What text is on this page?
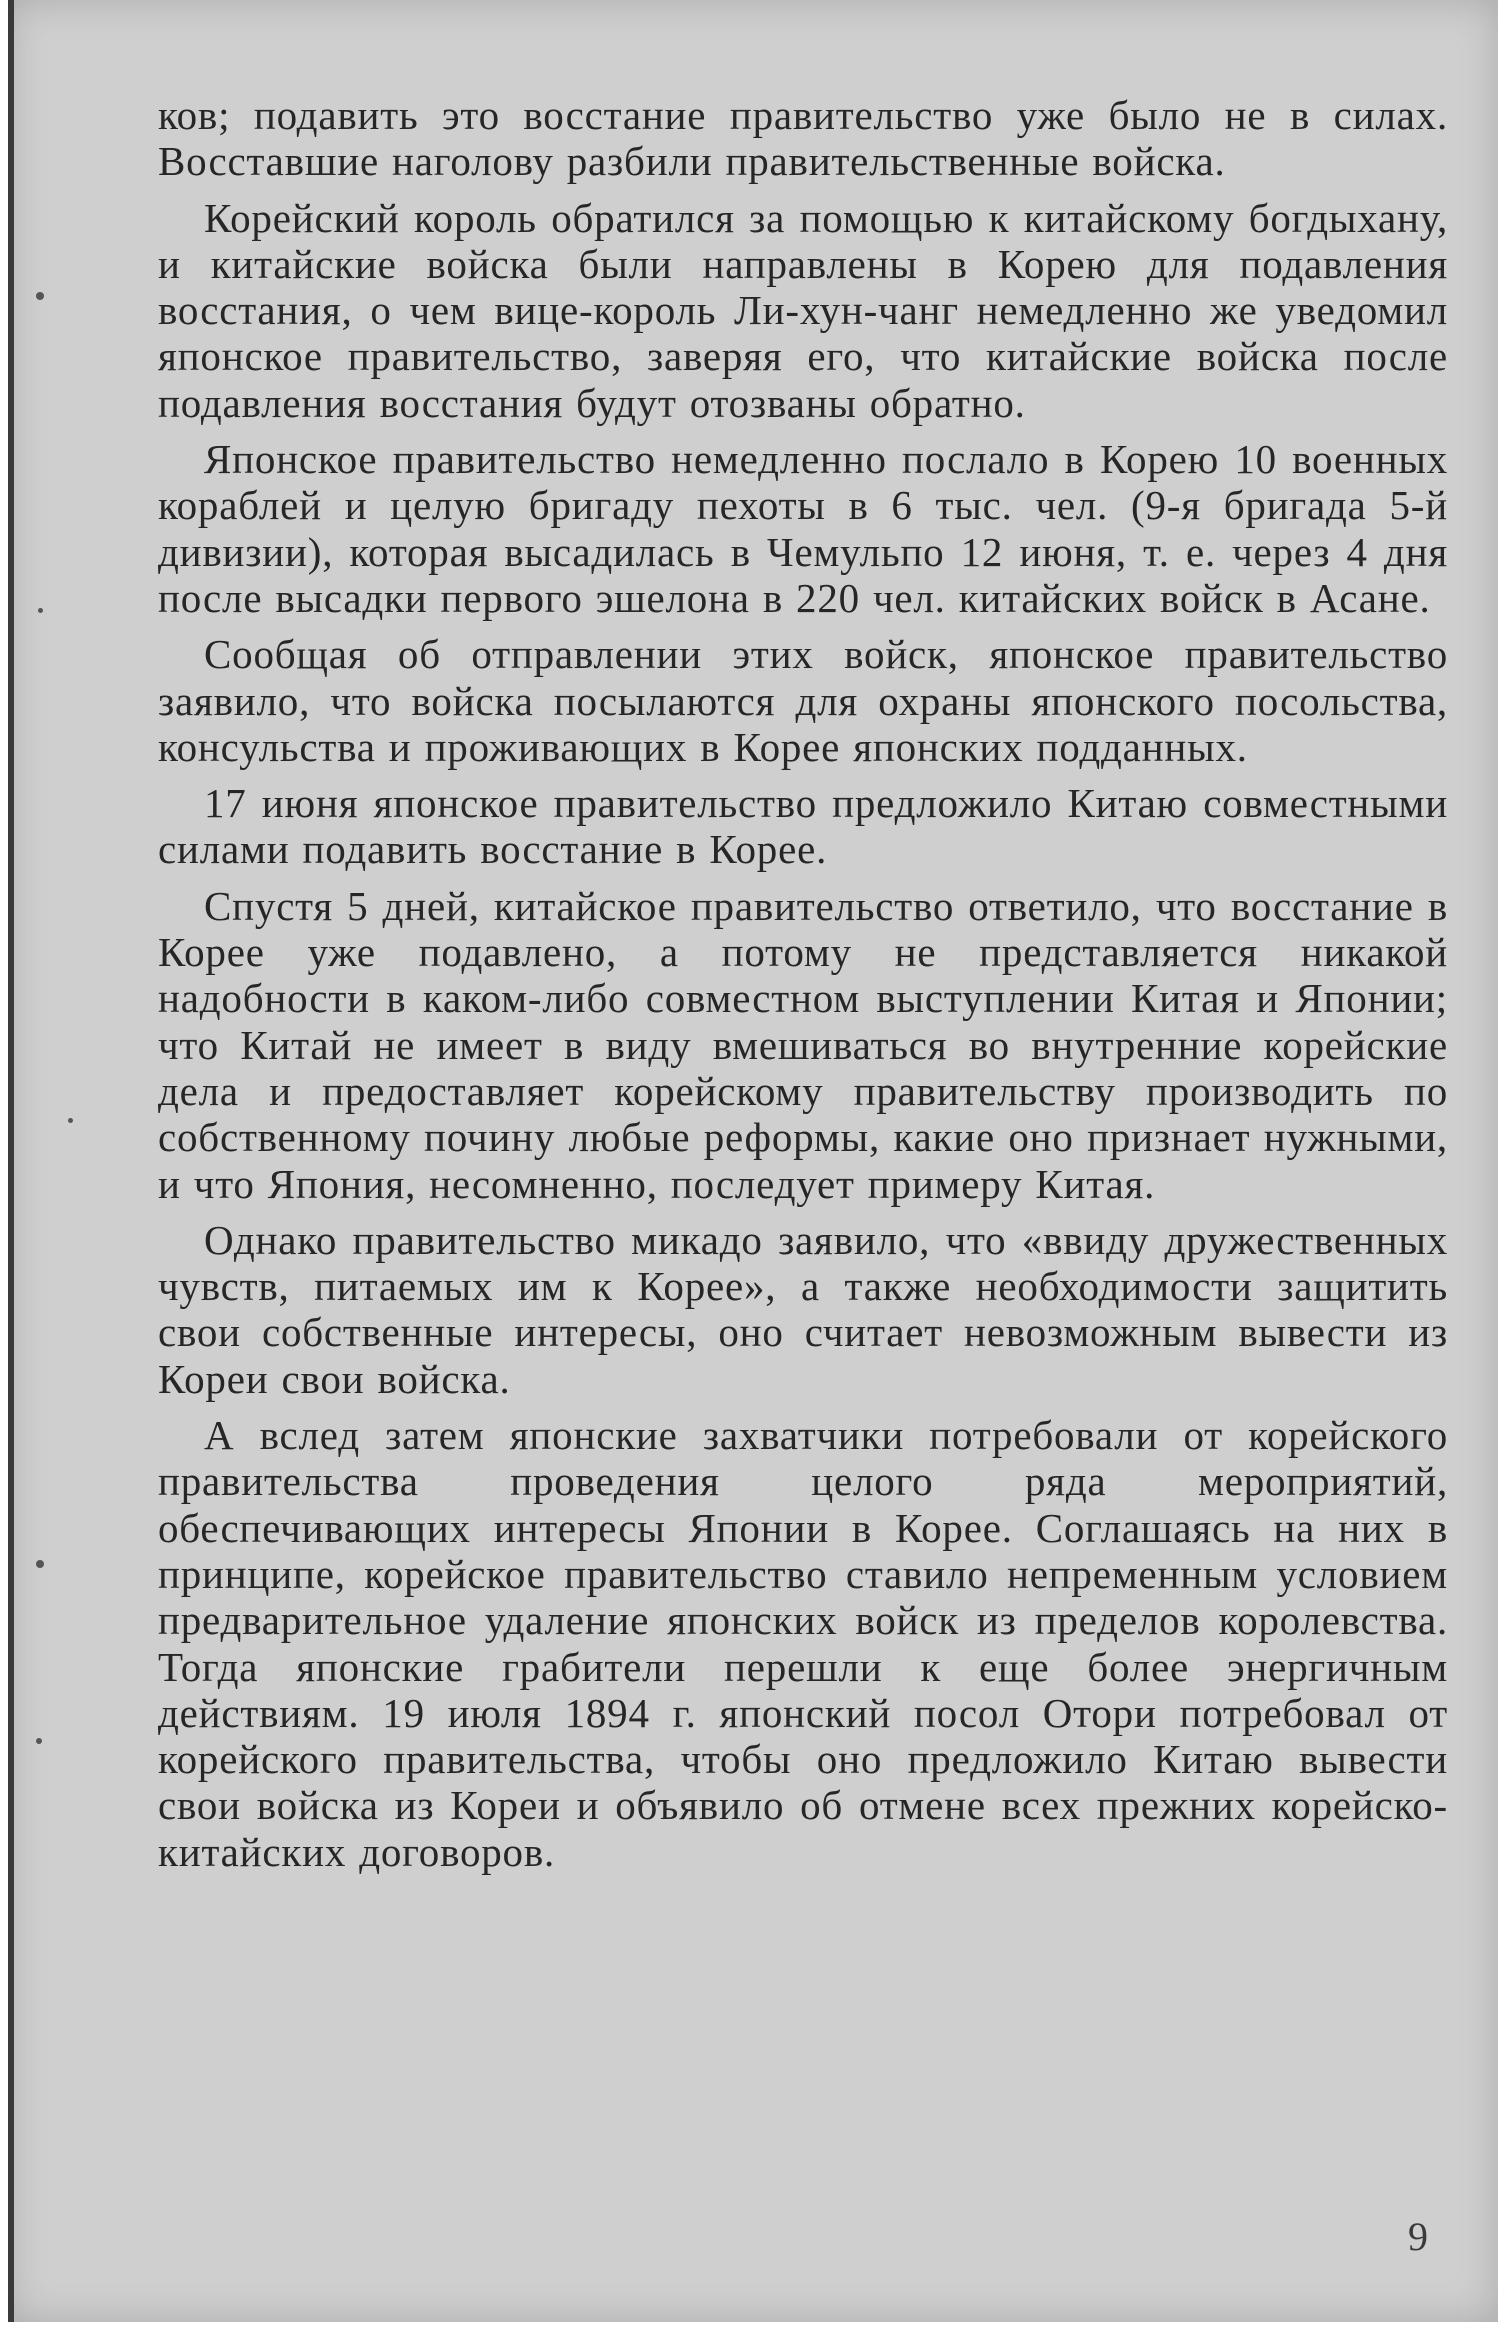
ков; подавить это восстание правительство уже было не в силах. Восставшие наголову разбили правительственные войска.

Корейский король обратился за помощью к китайскому богдыхану, и китайские войска были направлены в Корею для подавления восстания, о чем вице-король Ли-хун-чанг немедленно же уведомил японское правительство, заверяя его, что китайские войска после подавления восстания будут отозваны обратно.

Японское правительство немедленно послало в Корею 10 военных кораблей и целую бригаду пехоты в 6 тыс. чел. (9-я бригада 5-й дивизии), которая высадилась в Чемульпо 12 июня, т. е. через 4 дня после высадки первого эшелона в 220 чел. китайских войск в Асане.

Сообщая об отправлении этих войск, японское правительство заявило, что войска посылаются для охраны японского посольства, консульства и проживающих в Корее японских подданных.

17 июня японское правительство предложило Китаю совместными силами подавить восстание в Корее.

Спустя 5 дней, китайское правительство ответило, что восстание в Корее уже подавлено, а потому не представляется никакой надобности в каком-либо совместном выступлении Китая и Японии; что Китай не имеет в виду вмешиваться во внутренние корейские дела и предоставляет корейскому правительству производить по собственному почину любые реформы, какие оно признает нужными, и что Япония, несомненно, последует примеру Китая.

Однако правительство микадо заявило, что «ввиду дружественных чувств, питаемых им к Корее», а также необходимости защитить свои собственные интересы, оно считает невозможным вывести из Кореи свои войска.

А вслед затем японские захватчики потребовали от корейского правительства проведения целого ряда мероприятий, обеспечивающих интересы Японии в Корее. Соглашаясь на них в принципе, корейское правительство ставило непременным условием предварительное удаление японских войск из пределов королевства. Тогда японские грабители перешли к еще более энергичным действиям. 19 июля 1894 г. японский посол Отори потребовал от корейского правительства, чтобы оно предложило Китаю вывести свои войска из Кореи и объявило об отмене всех прежних корейско-китайских договоров.

9
